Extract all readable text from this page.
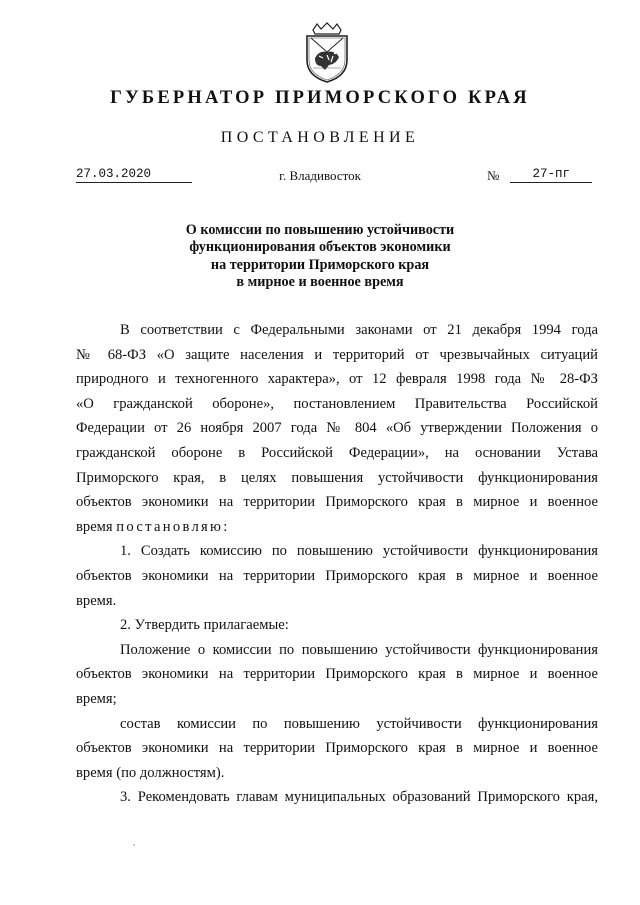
ГУБЕРНАТОР ПРИМОРСКОГО КРАЯ
ПОСТАНОВЛЕНИЕ
27.03.2020	г. Владивосток	№	27-пг
О комиссии по повышению устойчивости
функционирования объектов экономики
на территории Приморского края
в мирное и военное время
В соответствии с Федеральными законами от 21 декабря 1994 года
№ 68-ФЗ «О защите населения и территорий от чрезвычайных ситуаций
природного и техногенного характера», от 12 февраля 1998 года № 28-ФЗ
«О гражданской обороне», постановлением Правительства Российской
Федерации от 26 ноября 2007 года № 804 «Об утверждении Положения о
гражданской обороне в Российской Федерации», на основании Устава
Приморского края, в целях повышения устойчивости функционирования
объектов экономики на территории Приморского края в мирное и военное
время постановляю:
1. Создать комиссию по повышению устойчивости функционирования
объектов экономики на территории Приморского края в мирное и военное
время.
2. Утвердить прилагаемые:
Положение о комиссии по повышению устойчивости функционирования
объектов экономики на территории Приморского края в мирное и военное
время;
состав комиссии по повышению устойчивости функционирования
объектов экономики на территории Приморского края в мирное и военное
время (по должностям).
3. Рекомендовать главам муниципальных образований Приморского края,
